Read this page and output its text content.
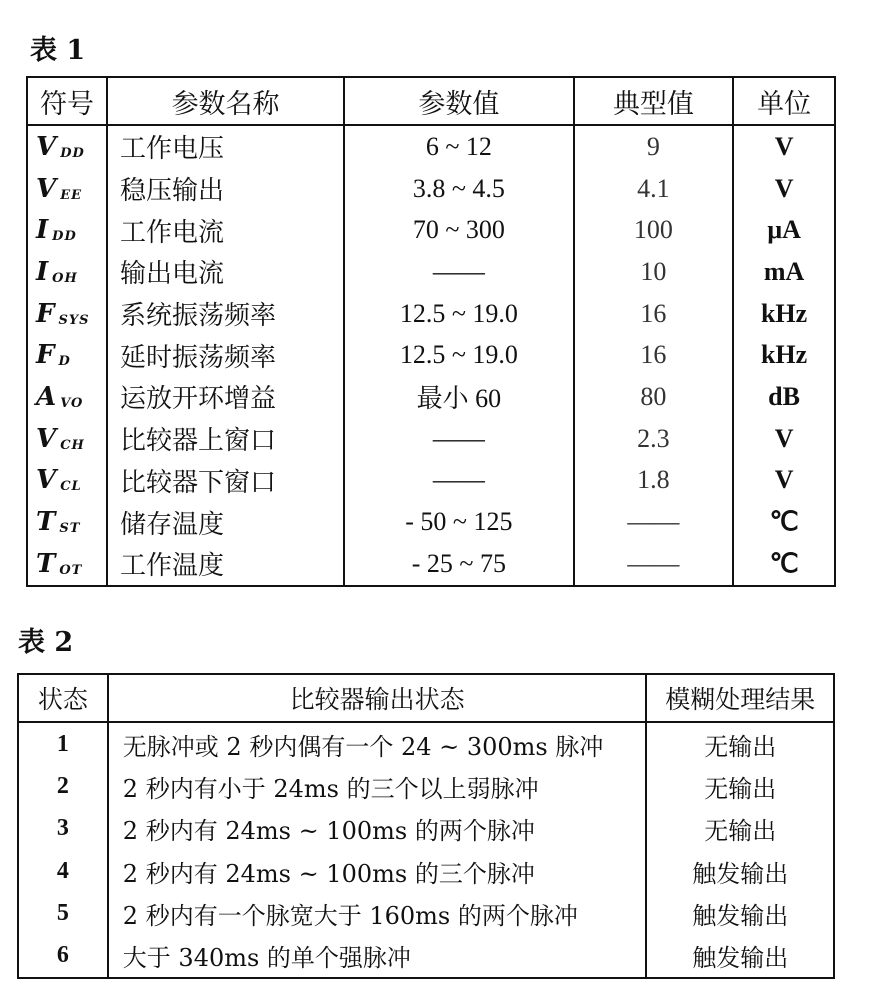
表 1
符号	参数名称	参数值	典型值	单位
V $_{DD}$	工作电压	6 ~ 12	9	V
V $_{EE}$	稳压输出	3.8 ~ 4.5	4.1	V
I $_{DD}$	工作电流	70 ~ 300	100	μA
I $_{OH}$	输出电流	——	10	mA
F $_{SYS}$	系统振荡频率	12.5 ~ 19.0	16	kHz
F $_D$	延时振荡频率	12.5 ~ 19.0	16	kHz
A $_{VO}$	运放开环增益	最小 60	80	dB
V $_{CH}$	比较器上窗口	——	2.3	V
V $_{CL}$	比较器下窗口	——	1.8	V
T $_{ST}$	储存温度	- 50 ~ 125	——	℃
T $_{OT}$	工作温度	- 25 ~ 75	——	℃
表 2
状态	比较器输出状态	模糊处理结果
1	无脉冲或 2 秒内偶有一个 24 ~ 300ms 脉冲	无输出
2	2 秒内有小于 24ms 的三个以上弱脉冲	无输出
3	2 秒内有 24ms ~ 100ms 的两个脉冲	无输出
4	2 秒内有 24ms ~ 100ms 的三个脉冲	触发输出
5	2 秒内有一个脉宽大于 160ms 的两个脉冲	触发输出
6	大于 340ms 的单个强脉冲	触发输出
